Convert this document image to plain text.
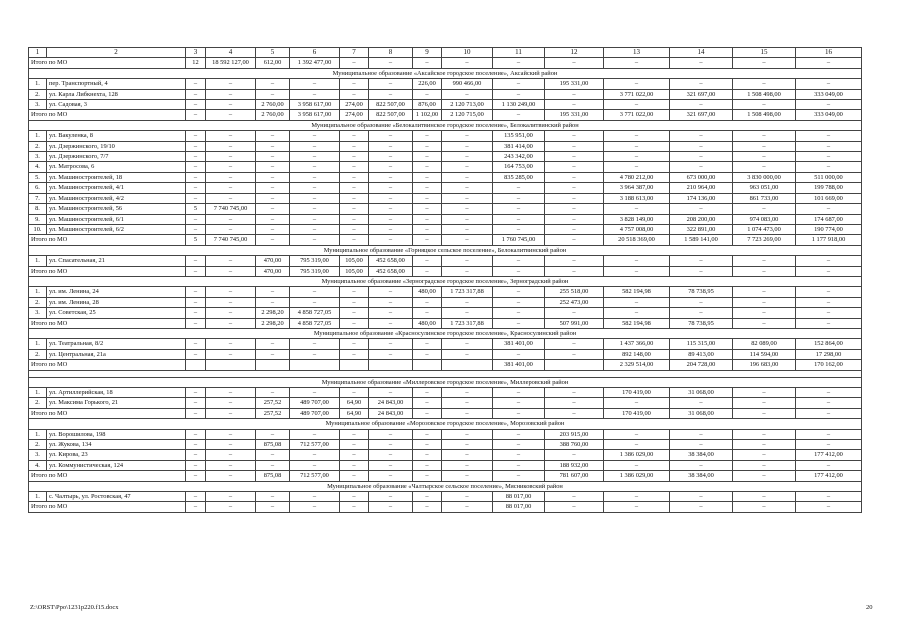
1	2	3	4	5	6	7	8	9	10	11	12	13	14	15	16
Итого по МО		12	18 592 127,00	612,00	1 392 477,00	–	–	–	–	–	–	–	–	–	–
Муниципальное образование «Аксайское городское поселение», Аксайский район															
1.	пер. Транспортный, 4	–	–	–	–	–	–	226,00	990 466,00	–	195 331,00	–	–	–	–
2.	ул. Карла Либкнехта, 128	–	–	–	–	–	–	–	–	–	–	3 771 022,00	321 697,00	1 508 498,00	333 049,00
3.	ул. Садовая, 3	–	–	2 760,00	3 958 617,00	274,00	822 507,00	876,00	2 120 713,00	1 130 249,00	–	–	–	–	–
Итого по МО		–	–	2 760,00	3 958 617,00	274,00	822 507,00	1 102,00	2 120 715,00	–	195 331,00	3 771 022,00	321 697,00	1 508 498,00	333 049,00
Муниципальное образование «Белокалитвинское городское поселение», Белокалитвинский район															
1.	ул. Вакуленка, 8	–	–	–	–	–	–	–	–	135 951,00	–	–	–	–	–
2.	ул. Дзержинского, 19/10	–	–	–	–	–	–	–	–	381 414,00	–	–	–	–	–
3.	ул. Дзержинского, 7/7	–	–	–	–	–	–	–	–	243 342,00	–	–	–	–	–
4.	ул. Матросова, 6	–	–	–	–	–	–	–	–	164 753,00	–	–	–	–	–
5.	ул. Машиностроителей, 18	–	–	–	–	–	–	–	–	835 285,00	–	4 780 212,00	673 000,00	3 830 000,00	511 000,00
6.	ул. Машиностроителей, 4/1	–	–	–	–	–	–	–	–	–	–	3 964 387,00	210 964,00	963 051,00	199 788,00
7.	ул. Машиностроителей, 4/2	–	–	–	–	–	–	–	–	–	–	3 188 613,00	174 136,00	861 733,00	101 669,00
8.	ул. Машиностроителей, 56	5	7 740 745,00	–	–	–	–	–	–	–	–	–	–	–	–
9.	ул. Машиностроителей, 6/1	–	–	–	–	–	–	–	–	–	–	3 828 149,00	208 200,00	974 083,00	174 687,00
10.	ул. Машиностроителей, 6/2	–	–	–	–	–	–	–	–	–	–	4 757 008,00	322 891,00	1 074 473,00	190 774,00
Итого по МО		5	7 740 745,00	–	–	–	–	–	–	1 760 745,00	–	20 518 369,00	1 589 141,00	7 723 269,00	1 177 918,00
Муниципальное образование «Горняцкое сельское поселение», Белокалитвинский район															
1.	ул. Спасательная, 21	–	–	470,00	795 319,00	105,00	452 658,00	–	–	–	–	–	–	–	–
Итого по МО		–	–	470,00	795 319,00	105,00	452 658,00	–	–	–	–	–	–	–	–
Муниципальное образование «Зерноградское городское поселение», Зерноградский район															
1.	ул. им. Ленина, 24	–	–	–	–	–	–	480,00	1 723 317,88	–	255 518,00	582 194,98	78 738,95	–	–
2.	ул. им. Ленина, 28	–	–	–	–	–	–	–	–	–	252 473,00	–	–	–	–
3.	ул. Советская, 25	–	–	2 298,20	4 858 727,05	–	–	–	–	–	–	–	–	–	–
Итого по МО		–	–	2 298,20	4 858 727,05	–	–	480,00	1 723 317,88	–	507 991,00	582 194,98	78 738,95	–	–
Муниципальное образование «Красносулинское городское поселение», Красносулинский район															
1.	ул. Театральная, 8/2	–	–	–	–	–	–	–	–	381 401,00	–	1 437 366,00	115 315,00	82 089,00	152 864,00
2.	ул. Центральная, 21а	–	–	–	–	–	–	–	–	–	–	892 148,00	89 413,00	114 594,00	17 298,00
Итого по МО										381 401,00		2 329 514,00	204 728,00	196 683,00	170 162,00

Муниципальное образование «Миллеровское городское поселение», Миллеровский район															
1.	ул. Артиллерийская, 18	–	–	–	–	–	–	–	–	–	–	170 419,00	31 068,00	–	–
2.	ул. Максима Горького, 21	–	–	257,52	489 707,00	64,90	24 843,00	–	–	–	–	–	–	–	–
Итого по МО		–	–	257,52	489 707,00	64,90	24 843,00	–	–	–	–	170 419,00	31 068,00	–	–
Муниципальное образование «Морозовское городское поселение», Морозовский район															
1.	ул. Ворошилова, 198	–	–	–	–	–	–	–	–	–	203 915,00	–	–	–	–
2.	ул. Жукова, 134	–	–	875,08	712 577,00	–	–	–	–	–	388 760,00	–	–	–	–
3.	ул. Кирова, 23	–	–	–	–	–	–	–	–	–	–	1 386 029,00	38 384,00	–	177 412,00
4.	ул. Коммунистическая, 124	–	–	–	–	–	–	–	–	–	188 932,00	–	–	–	–
Итого по МО		–	–	875,08	712 577,00	–	–	–	–	–	781 607,00	1 386 029,00	38 384,00	–	177 412,00
Муниципальное образование «Чалтырское сельское поселение», Мясниковский район															
1.	с. Чалтырь, ул. Ростовская, 47	–	–	–	–	–	–	–	–	88 017,00	–	–	–	–	–
Итого по МО		–	–	–	–	–	–	–	–	88 017,00	–	–	–	–	–
Z:\ORST\Ppo\1231p220.f15.docx	20
